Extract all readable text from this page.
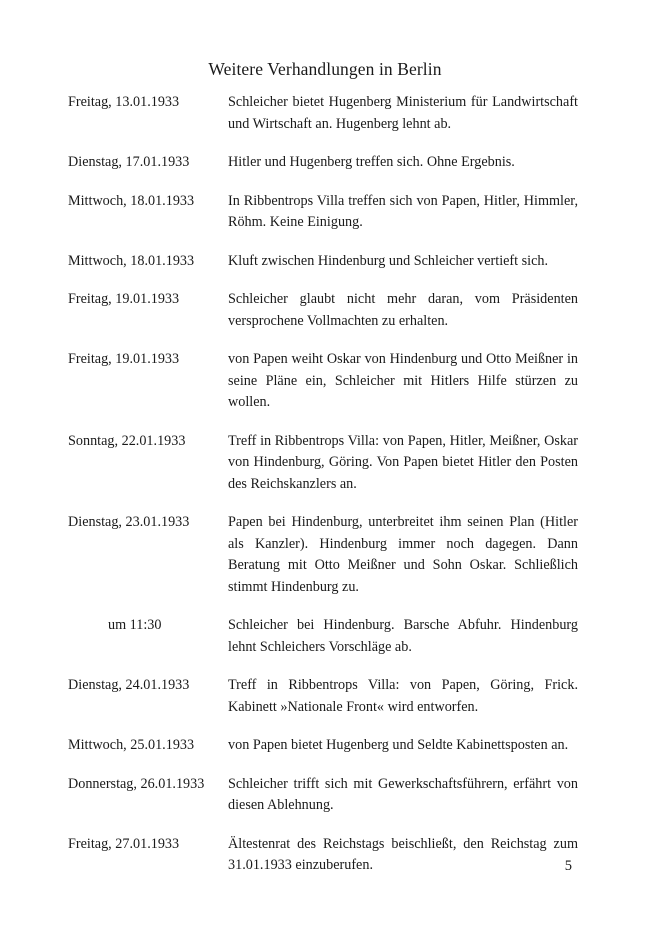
Weitere Verhandlungen in Berlin
Freitag, 13.01.1933	Schleicher bietet Hugenberg Ministerium für Landwirtschaft und Wirtschaft an. Hugenberg lehnt ab.
Dienstag, 17.01.1933	Hitler und Hugenberg treffen sich. Ohne Ergebnis.
Mittwoch, 18.01.1933	In Ribbentrops Villa treffen sich von Papen, Hitler, Himmler, Röhm. Keine Einigung.
Mittwoch, 18.01.1933	Kluft zwischen Hindenburg und Schleicher vertieft sich.
Freitag, 19.01.1933	Schleicher glaubt nicht mehr daran, vom Präsidenten versprochene Vollmachten zu erhalten.
Freitag, 19.01.1933	von Papen weiht Oskar von Hindenburg und Otto Meißner in seine Pläne ein, Schleicher mit Hitlers Hilfe stürzen zu wollen.
Sonntag, 22.01.1933	Treff in Ribbentrops Villa: von Papen, Hitler, Meißner, Oskar von Hindenburg, Göring. Von Papen bietet Hitler den Posten des Reichskanzlers an.
Dienstag, 23.01.1933	Papen bei Hindenburg, unterbreitet ihm seinen Plan (Hitler als Kanzler). Hindenburg immer noch dagegen. Dann Beratung mit Otto Meißner und Sohn Oskar. Schließlich stimmt Hindenburg zu.
um 11:30	Schleicher bei Hindenburg. Barsche Abfuhr. Hindenburg lehnt Schleichers Vorschläge ab.
Dienstag, 24.01.1933	Treff in Ribbentrops Villa: von Papen, Göring, Frick. Kabinett »Nationale Front« wird entworfen.
Mittwoch, 25.01.1933	von Papen bietet Hugenberg und Seldte Kabinettsposten an.
Donnerstag, 26.01.1933	Schleicher trifft sich mit Gewerkschaftsführern, erfährt von diesen Ablehnung.
Freitag, 27.01.1933	Ältestenrat des Reichstags beischließt, den Reichstag zum 31.01.1933 einzuberufen.	5
